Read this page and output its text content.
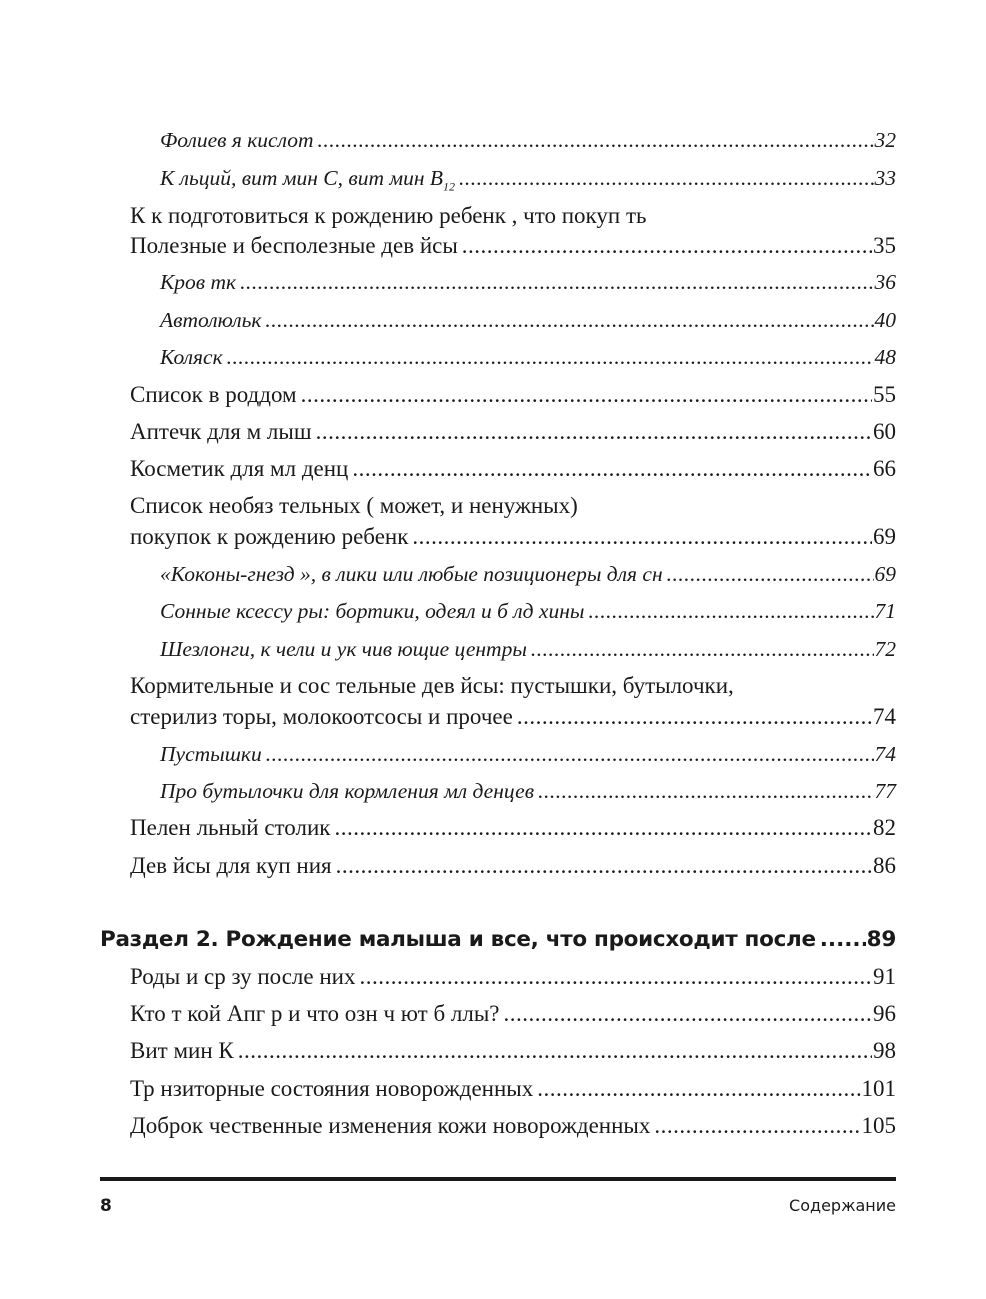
Фолиев я кислот .....	32
К льций, вит мин C, вит мин $B_{12}$ .....	33
К к подготовиться к рождению ребенк , что покуп ть
Полезные и бесполезные дев йсы .....	35
Кров тк .....	36
Автолюльк .....	40
Коляск .....	48
Список в роддом .....	55
Аптечк для м лыш .....	60
Косметик для мл денц .....	66
Список необяз тельных ( может, и ненужных)
покупок к рождению ребенк .....	69
«Коконы-гнезд », в лики или любые позиционеры для сн .....	69
Сонные ксессу ры: бортики, одеял и б лд хины .....	71
Шезлонги, к чели и ук чив ющие центры .....	72
Кормительные и сос тельные дев йсы: пустышки, бутылочки,
стерилиз торы, молокоотсосы и прочее .....	74
Пустышки .....	74
Про бутылочки для кормления мл денцев .....	77
Пелен льный столик .....	82
Дев йсы для куп ния .....	86
Раздел 2. Рождение малыша и все, что происходит после ..... 89
Роды и ср зу после них .....	91
Кто т кой Апг р и что озн ч ют б ллы? .....	96
Вит мин К .....	98
Тр нзиторные состояния новорожденных .....	101
Доброк чественные изменения кожи новорожденных .....	105
8	Содержание
